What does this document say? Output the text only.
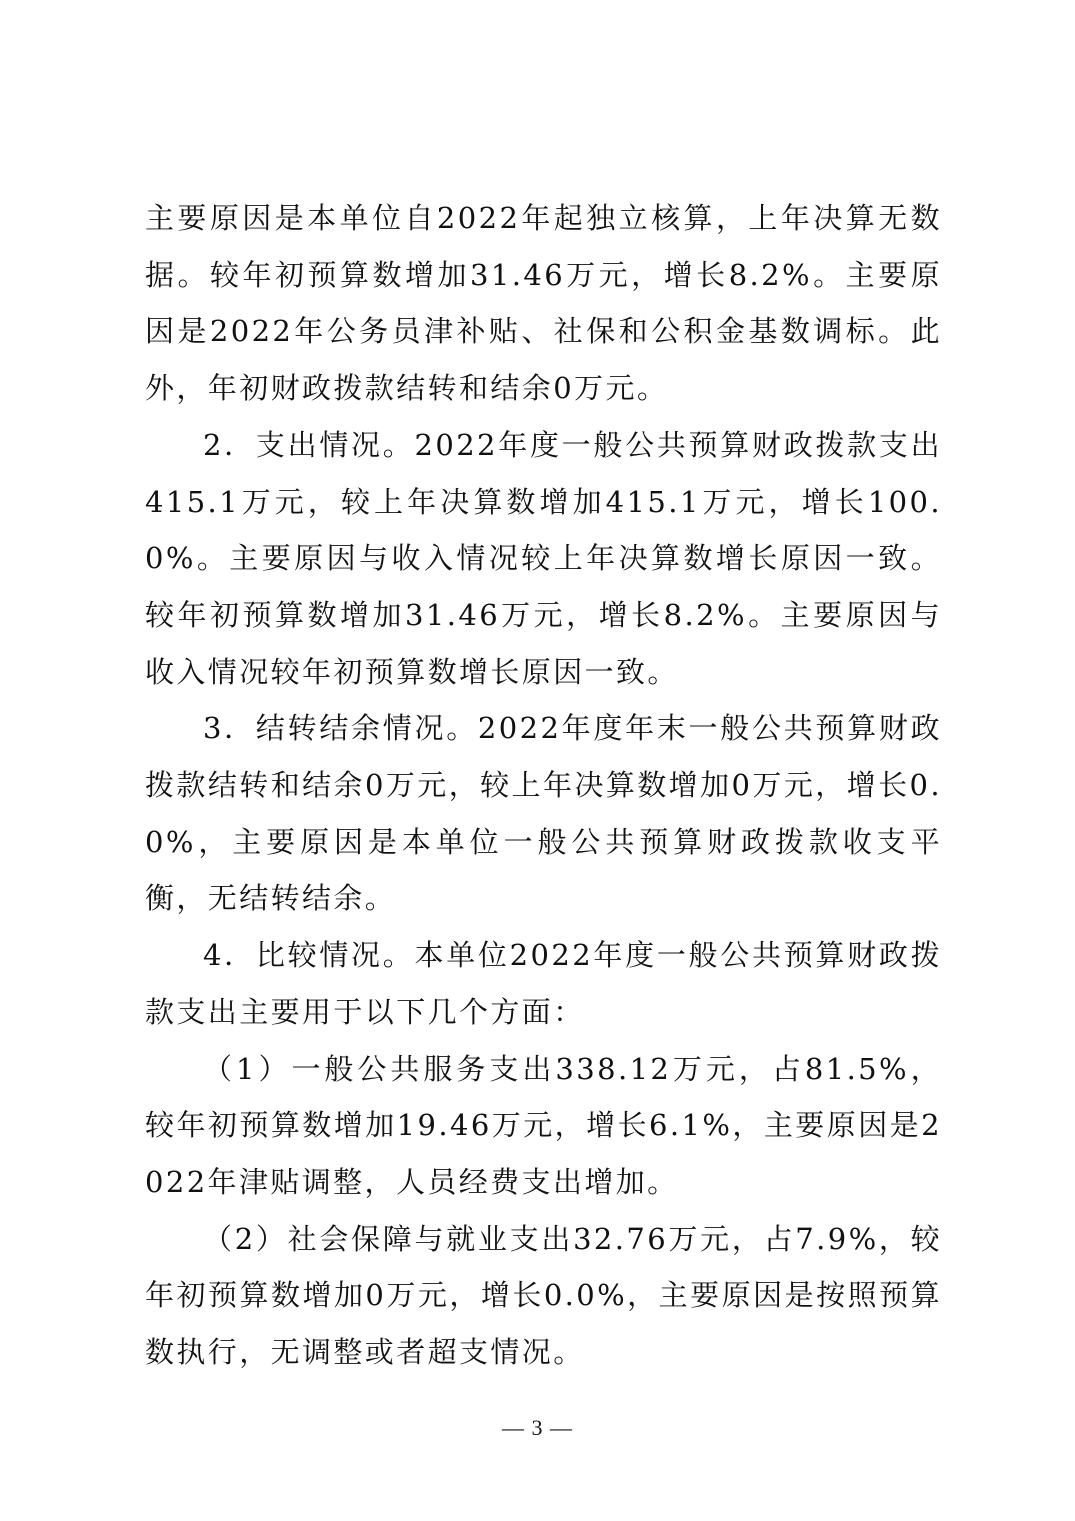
主要原因是本单位自2022年起独立核算，上年决算无数据。较年初预算数增加31.46万元，增长8.2%。主要原因是2022年公务员津补贴、社保和公积金基数调标。此外，年初财政拨款结转和结余0万元。

2．支出情况。2022年度一般公共预算财政拨款支出415.1万元，较上年决算数增加415.1万元，增长100.0%。主要原因与收入情况较上年决算数增长原因一致。较年初预算数增加31.46万元，增长8.2%。主要原因与收入情况较年初预算数增长原因一致。

3．结转结余情况。2022年度年末一般公共预算财政拨款结转和结余0万元，较上年决算数增加0万元，增长0.0%，主要原因是本单位一般公共预算财政拨款收支平衡，无结转结余。

4．比较情况。本单位2022年度一般公共预算财政拨款支出主要用于以下几个方面：

（1）一般公共服务支出338.12万元，占81.5%，较年初预算数增加19.46万元，增长6.1%，主要原因是2022年津贴调整，人员经费支出增加。

（2）社会保障与就业支出32.76万元，占7.9%，较年初预算数增加0万元，增长0.0%，主要原因是按照预算数执行，无调整或者超支情况。

— 3 —
